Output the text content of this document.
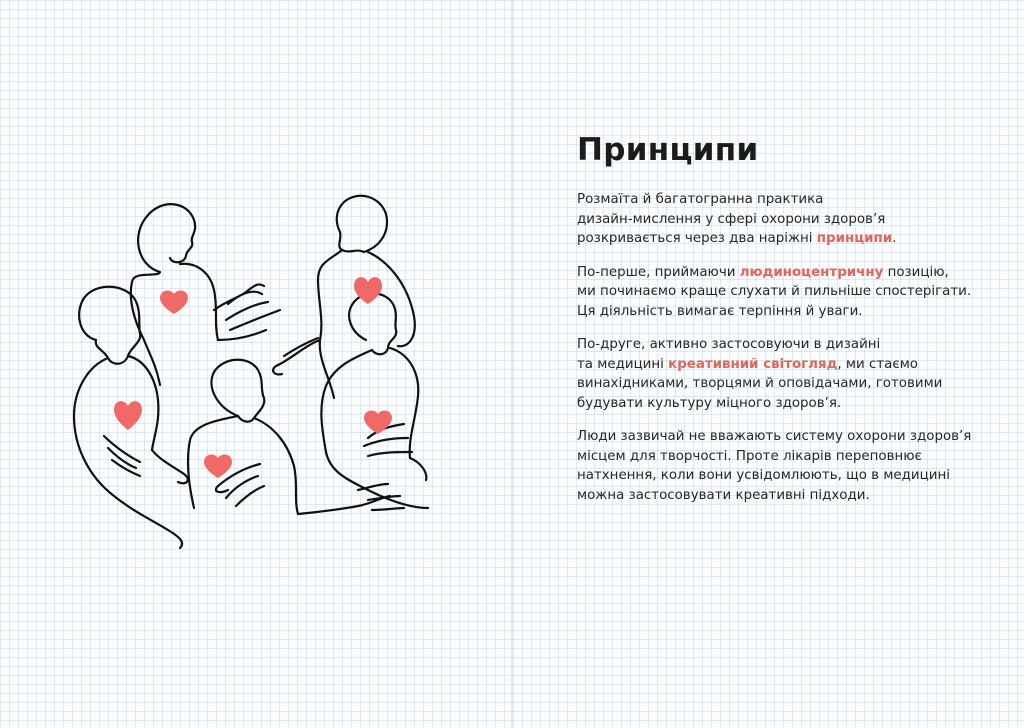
Принципи

Розмаїта й багатогранна практика
дизайн-мислення у сфері охорони здоров’я
розкривається через два наріжні принципи.

По-перше, приймаючи людиноцентричну позицію,
ми починаємо краще слухати й пильніше спостерігати.
Ця діяльність вимагає терпіння й уваги.

По-друге, активно застосовуючи в дизайні
та медицині креативний світогляд, ми стаємо
винахідниками, творцями й оповідачами, готовими
будувати культуру міцного здоров’я.

Люди зазвичай не вважають систему охорони здоров’я
місцем для творчості. Проте лікарів переповнює
натхнення, коли вони усвідомлюють, що в медицині
можна застосовувати креативні підходи.
